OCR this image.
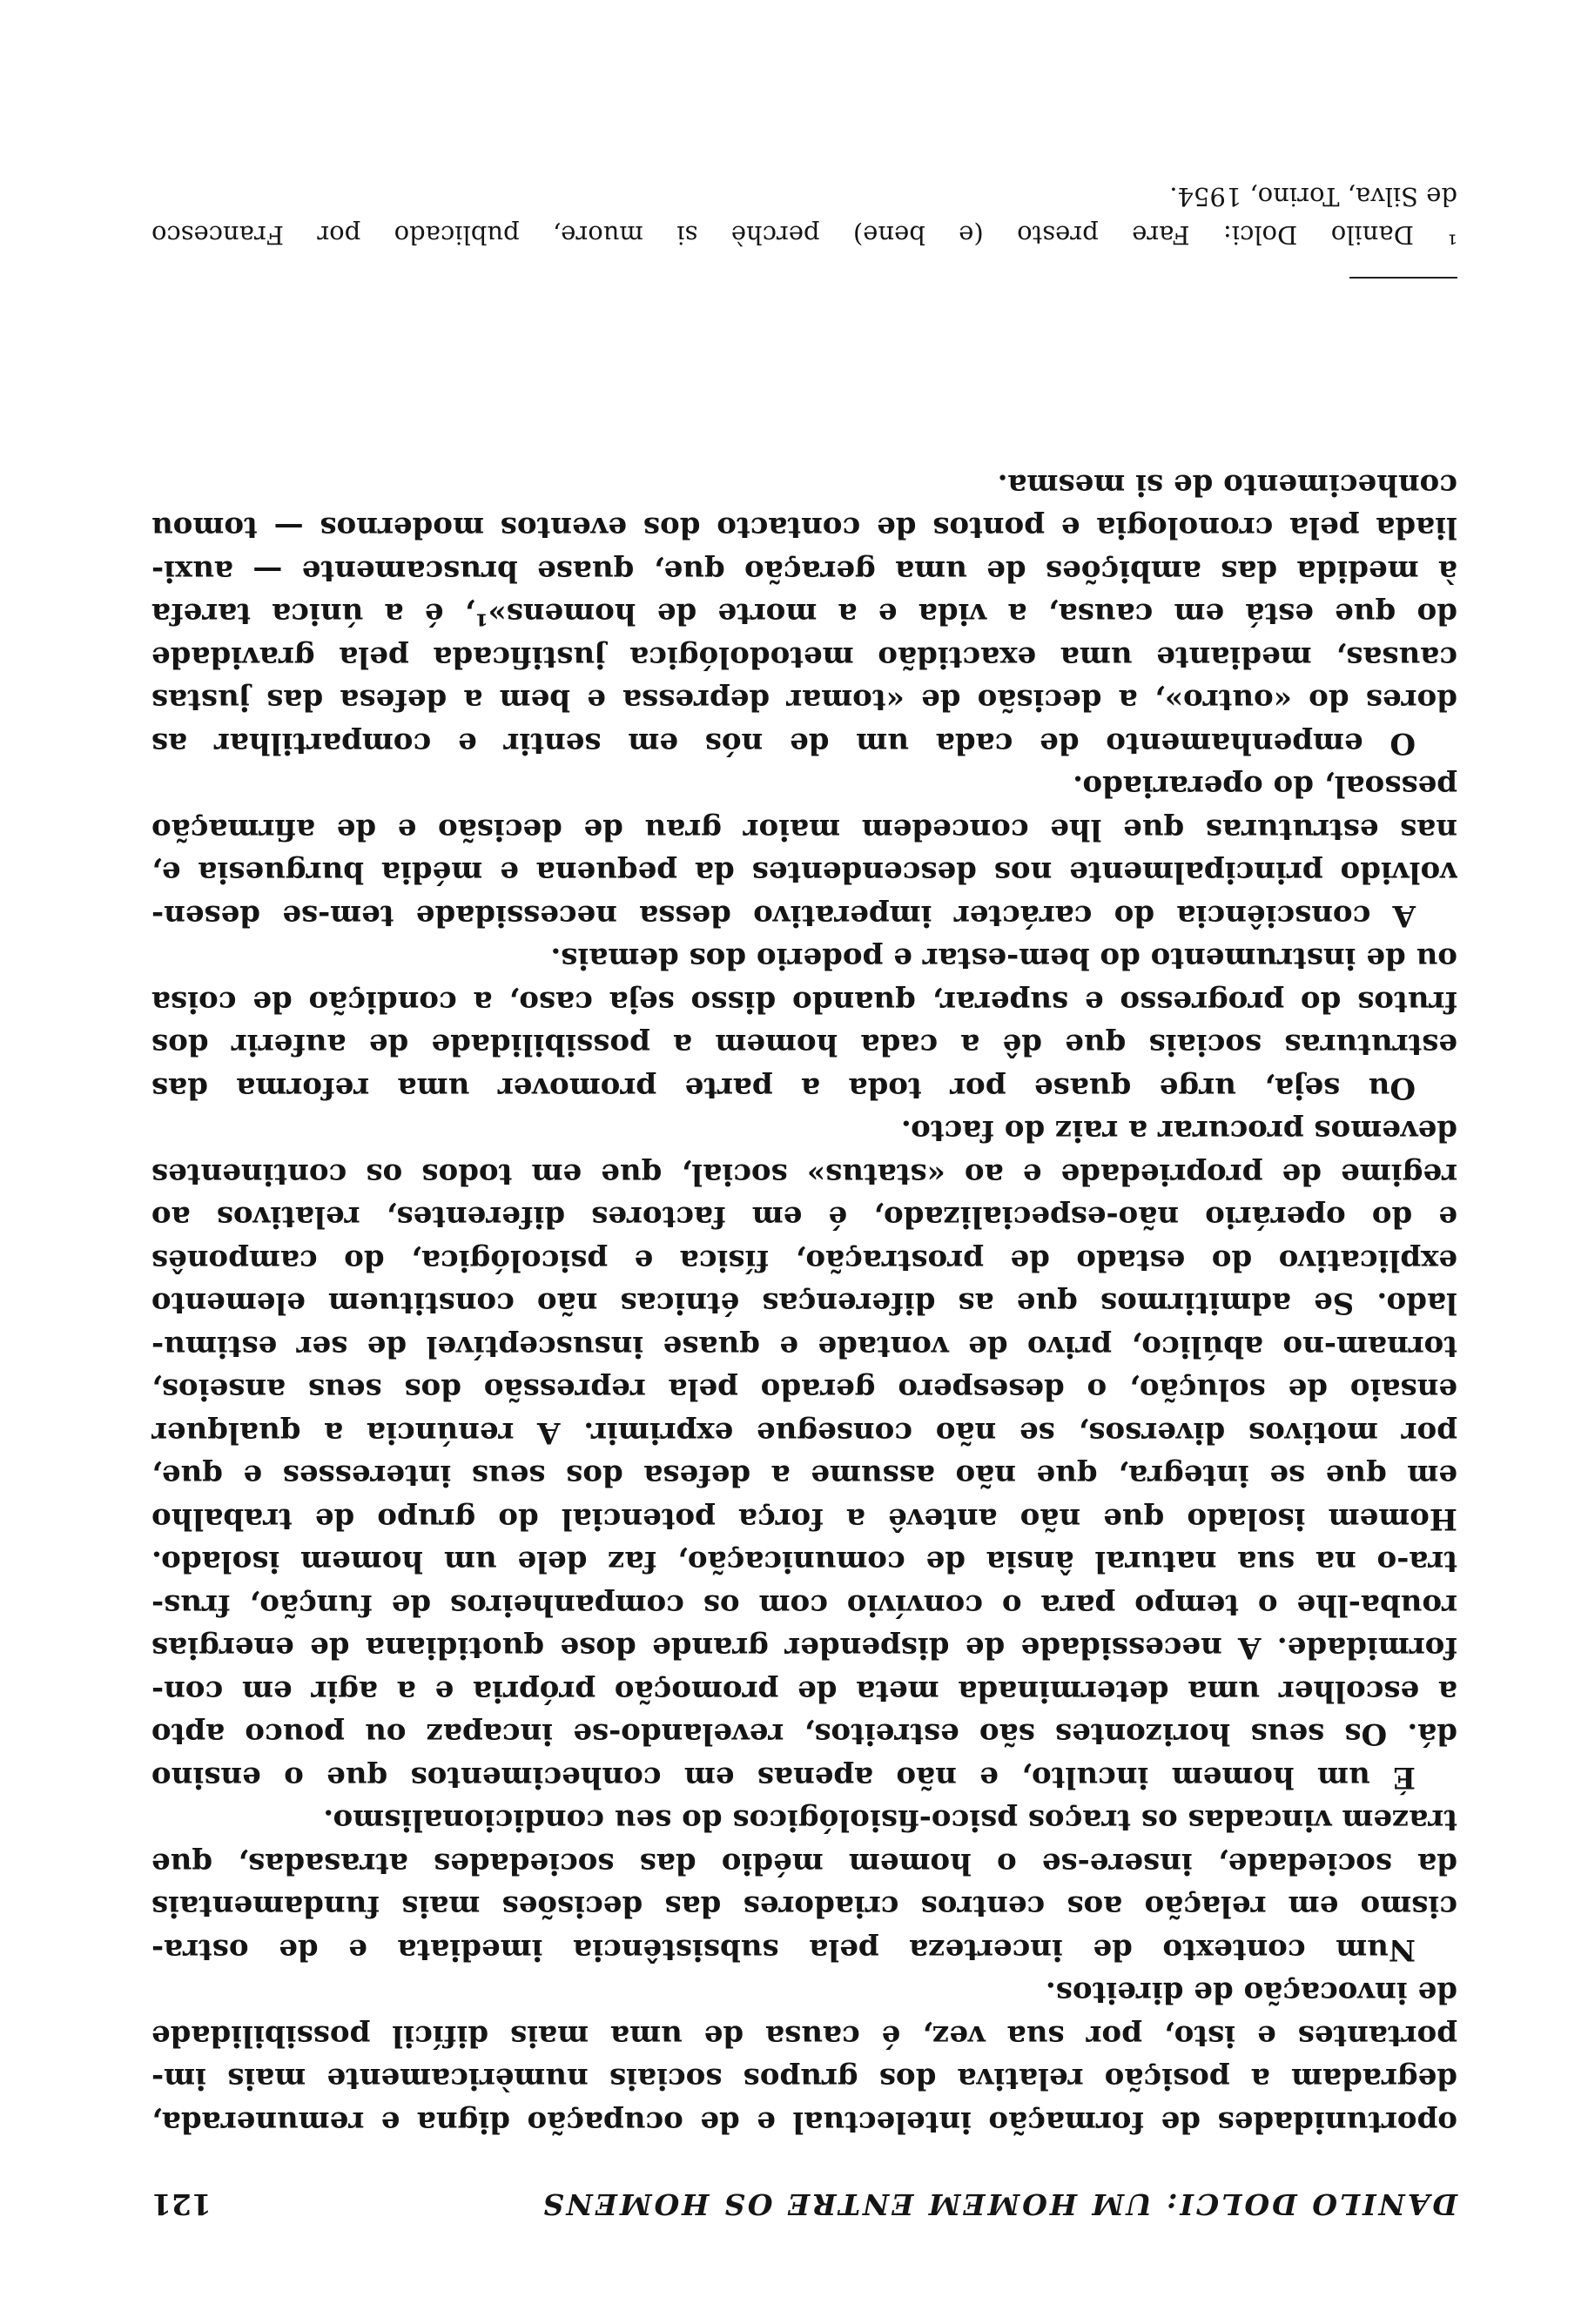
DANILO DOLCI: UM HOMEM ENTRE OS HOMENS
121
oportunidades de formação intelectual e de ocupação digna e remunerada,
degradam a posição relativa dos grupos sociais numèricamente mais im-
portantes e isto, por sua vez, é causa de uma mais difícil possibilidade
de invocação de direitos.
Num contexto de incerteza pela subsistência imediata e de ostra-
cismo em relação aos centros criadores das decisões mais fundamentais
da sociedade, insere-se o homem médio das sociedades atrasadas, que
trazem vincadas os traços psico-fisiológicos do seu condicionalismo.
É um homem inculto, e não apenas em conhecimentos que o ensino
dá. Os seus horizontes são estreitos, revelando-se incapaz ou pouco apto
a escolher uma determinada meta de promoção própria e a agir em con-
formidade. A necessidade de dispender grande dose quotidiana de energias
rouba-lhe o tempo para o convívio com os companheiros de função, frus-
tra-o na sua natural ânsia de comunicação, faz dele um homem isolado.
Homem isolado que não antevê a força potencial do grupo de trabalho
em que se integra, que não assume a defesa dos seus interesses e que,
por motivos diversos, se não consegue exprimir. A renúncia a qualquer
ensaio de solução, o desespero gerado pela repressão dos seus anseios,
tornam-no abúlico, privo de vontade e quase insusceptível de ser estimu-
lado. Se admitirmos que as diferenças étnicas não constituem elemento
explicativo do estado de prostração, física e psicológica, do camponês
e do operário não-especializado, é em factores diferentes, relativos ao
regime de propriedade e ao «status» social, que em todos os continentes
devemos procurar a raiz do facto.
Ou seja, urge quase por toda a parte promover uma reforma das
estruturas sociais que dê a cada homem a possibilidade de auferir dos
frutos do progresso e superar, quando disso seja caso, a condição de coisa
ou de instrumento do bem-estar e poderio dos demais.
A consciência do carácter imperativo dessa necessidade tem-se desen-
volvido principalmente nos descendentes da pequena e média burguesia e,
nas estruturas que lhe concedem maior grau de decisão e de afirmação
pessoal, do operariado.
O empenhamento de cada um de nós em sentir e compartilhar as
dores do «outro», a decisão de «tomar depressa e bem a defesa das justas
causas, mediante uma exactidão metodológica justificada pela gravidade
do que está em causa, a vida e a morte de homens»¹, é a única tarefa
à medida das ambições de uma geração que, quase bruscamente — auxi-
liada pela cronologia e pontos de contacto dos eventos modernos — tomou
conhecimento de si mesma.
¹ Danilo Dolci: Fare presto (e bene) perchè si muore, publicado por Francesco
de Silva, Torino, 1954.
